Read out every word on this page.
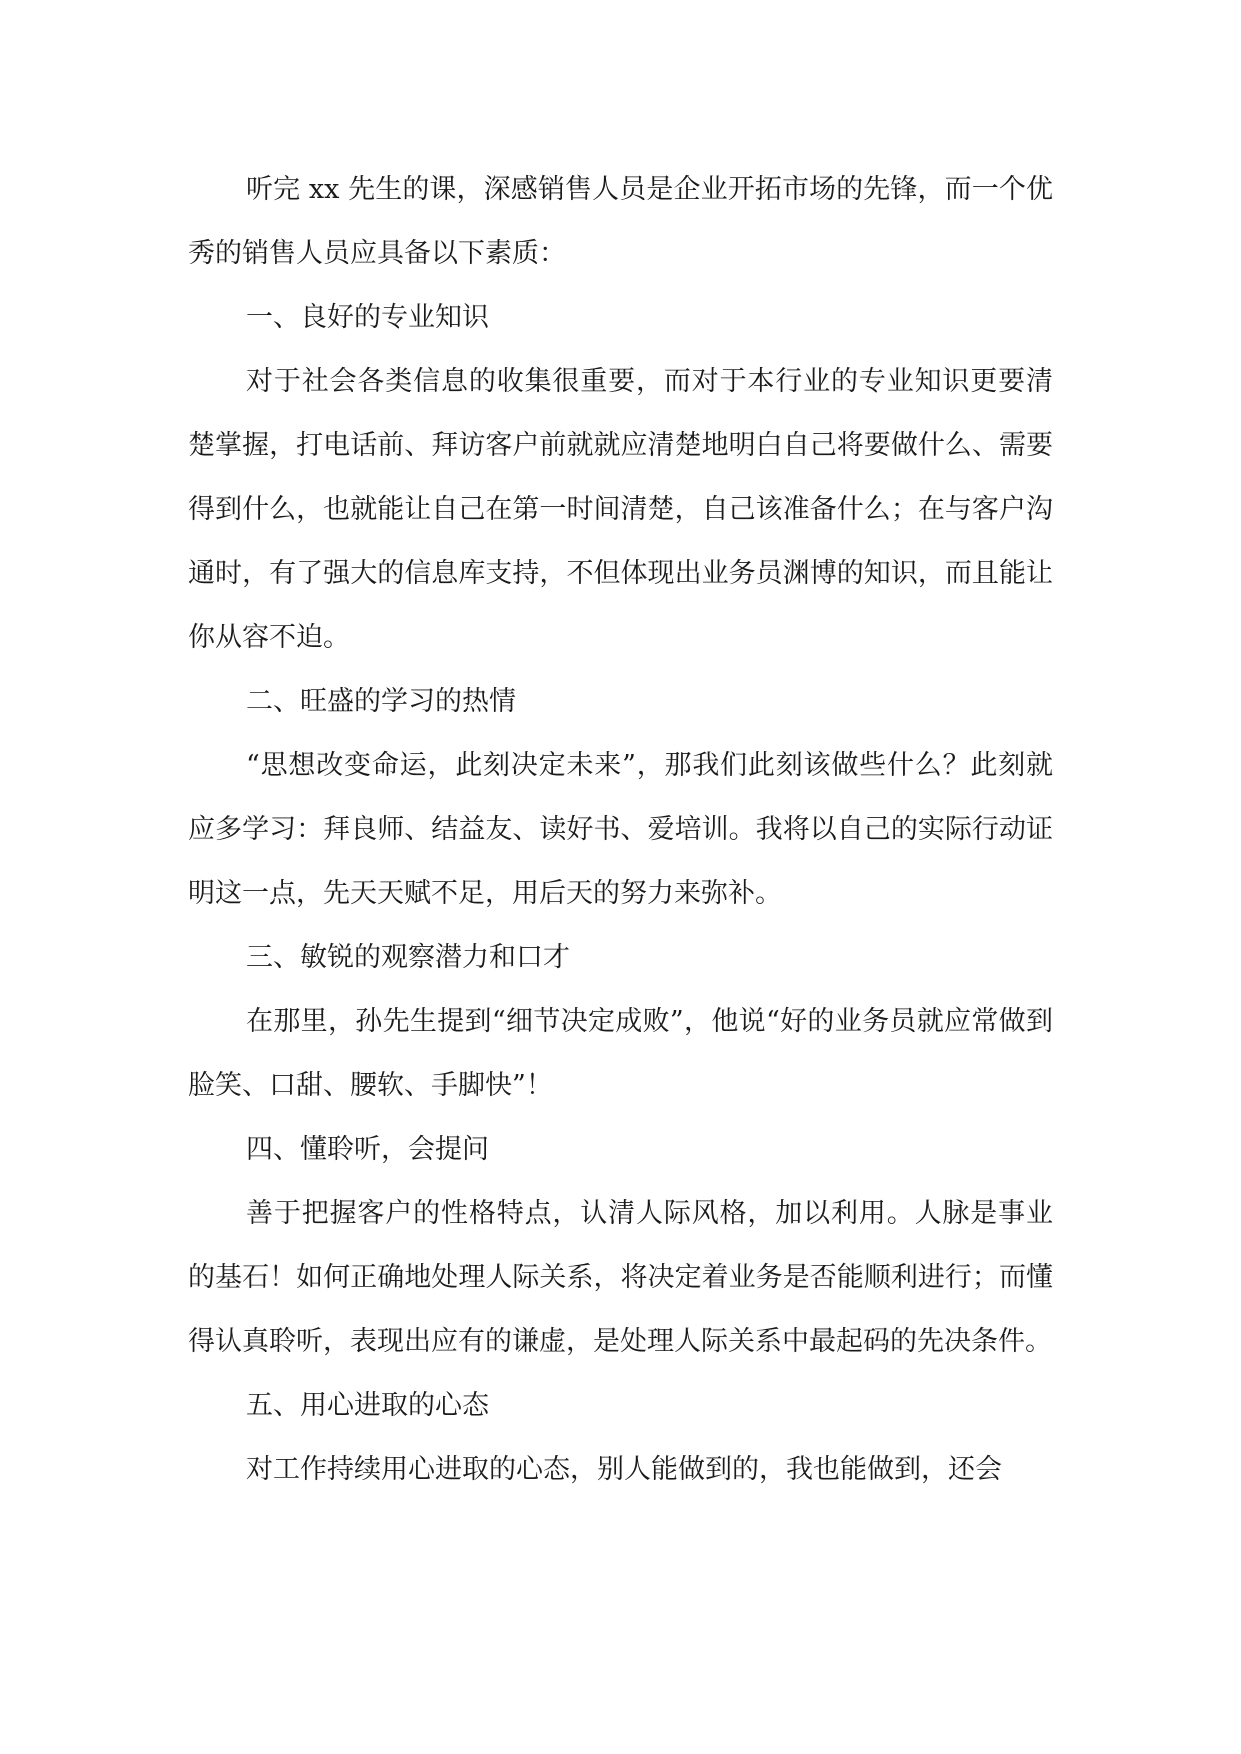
听完 xx 先生的课，深感销售人员是企业开拓市场的先锋，而一个优秀的销售人员应具备以下素质：

一、良好的专业知识

对于社会各类信息的收集很重要，而对于本行业的专业知识更要清楚掌握，打电话前、拜访客户前就就应清楚地明白自己将要做什么、需要得到什么，也就能让自己在第一时间清楚，自己该准备什么；在与客户沟通时，有了强大的信息库支持，不但体现出业务员渊博的知识，而且能让你从容不迫。

二、旺盛的学习的热情

“思想改变命运，此刻决定未来”，那我们此刻该做些什么？此刻就应多学习：拜良师、结益友、读好书、爱培训。我将以自己的实际行动证明这一点，先天天赋不足，用后天的努力来弥补。

三、敏锐的观察潜力和口才

在那里，孙先生提到“细节决定成败”，他说“好的业务员就应常做到脸笑、口甜、腰软、手脚快”！

四、懂聆听，会提问

善于把握客户的性格特点，认清人际风格，加以利用。人脉是事业的基石！如何正确地处理人际关系，将决定着业务是否能顺利进行；而懂得认真聆听，表现出应有的谦虚，是处理人际关系中最起码的先决条件。

五、用心进取的心态

对工作持续用心进取的心态，别人能做到的，我也能做到，还会
